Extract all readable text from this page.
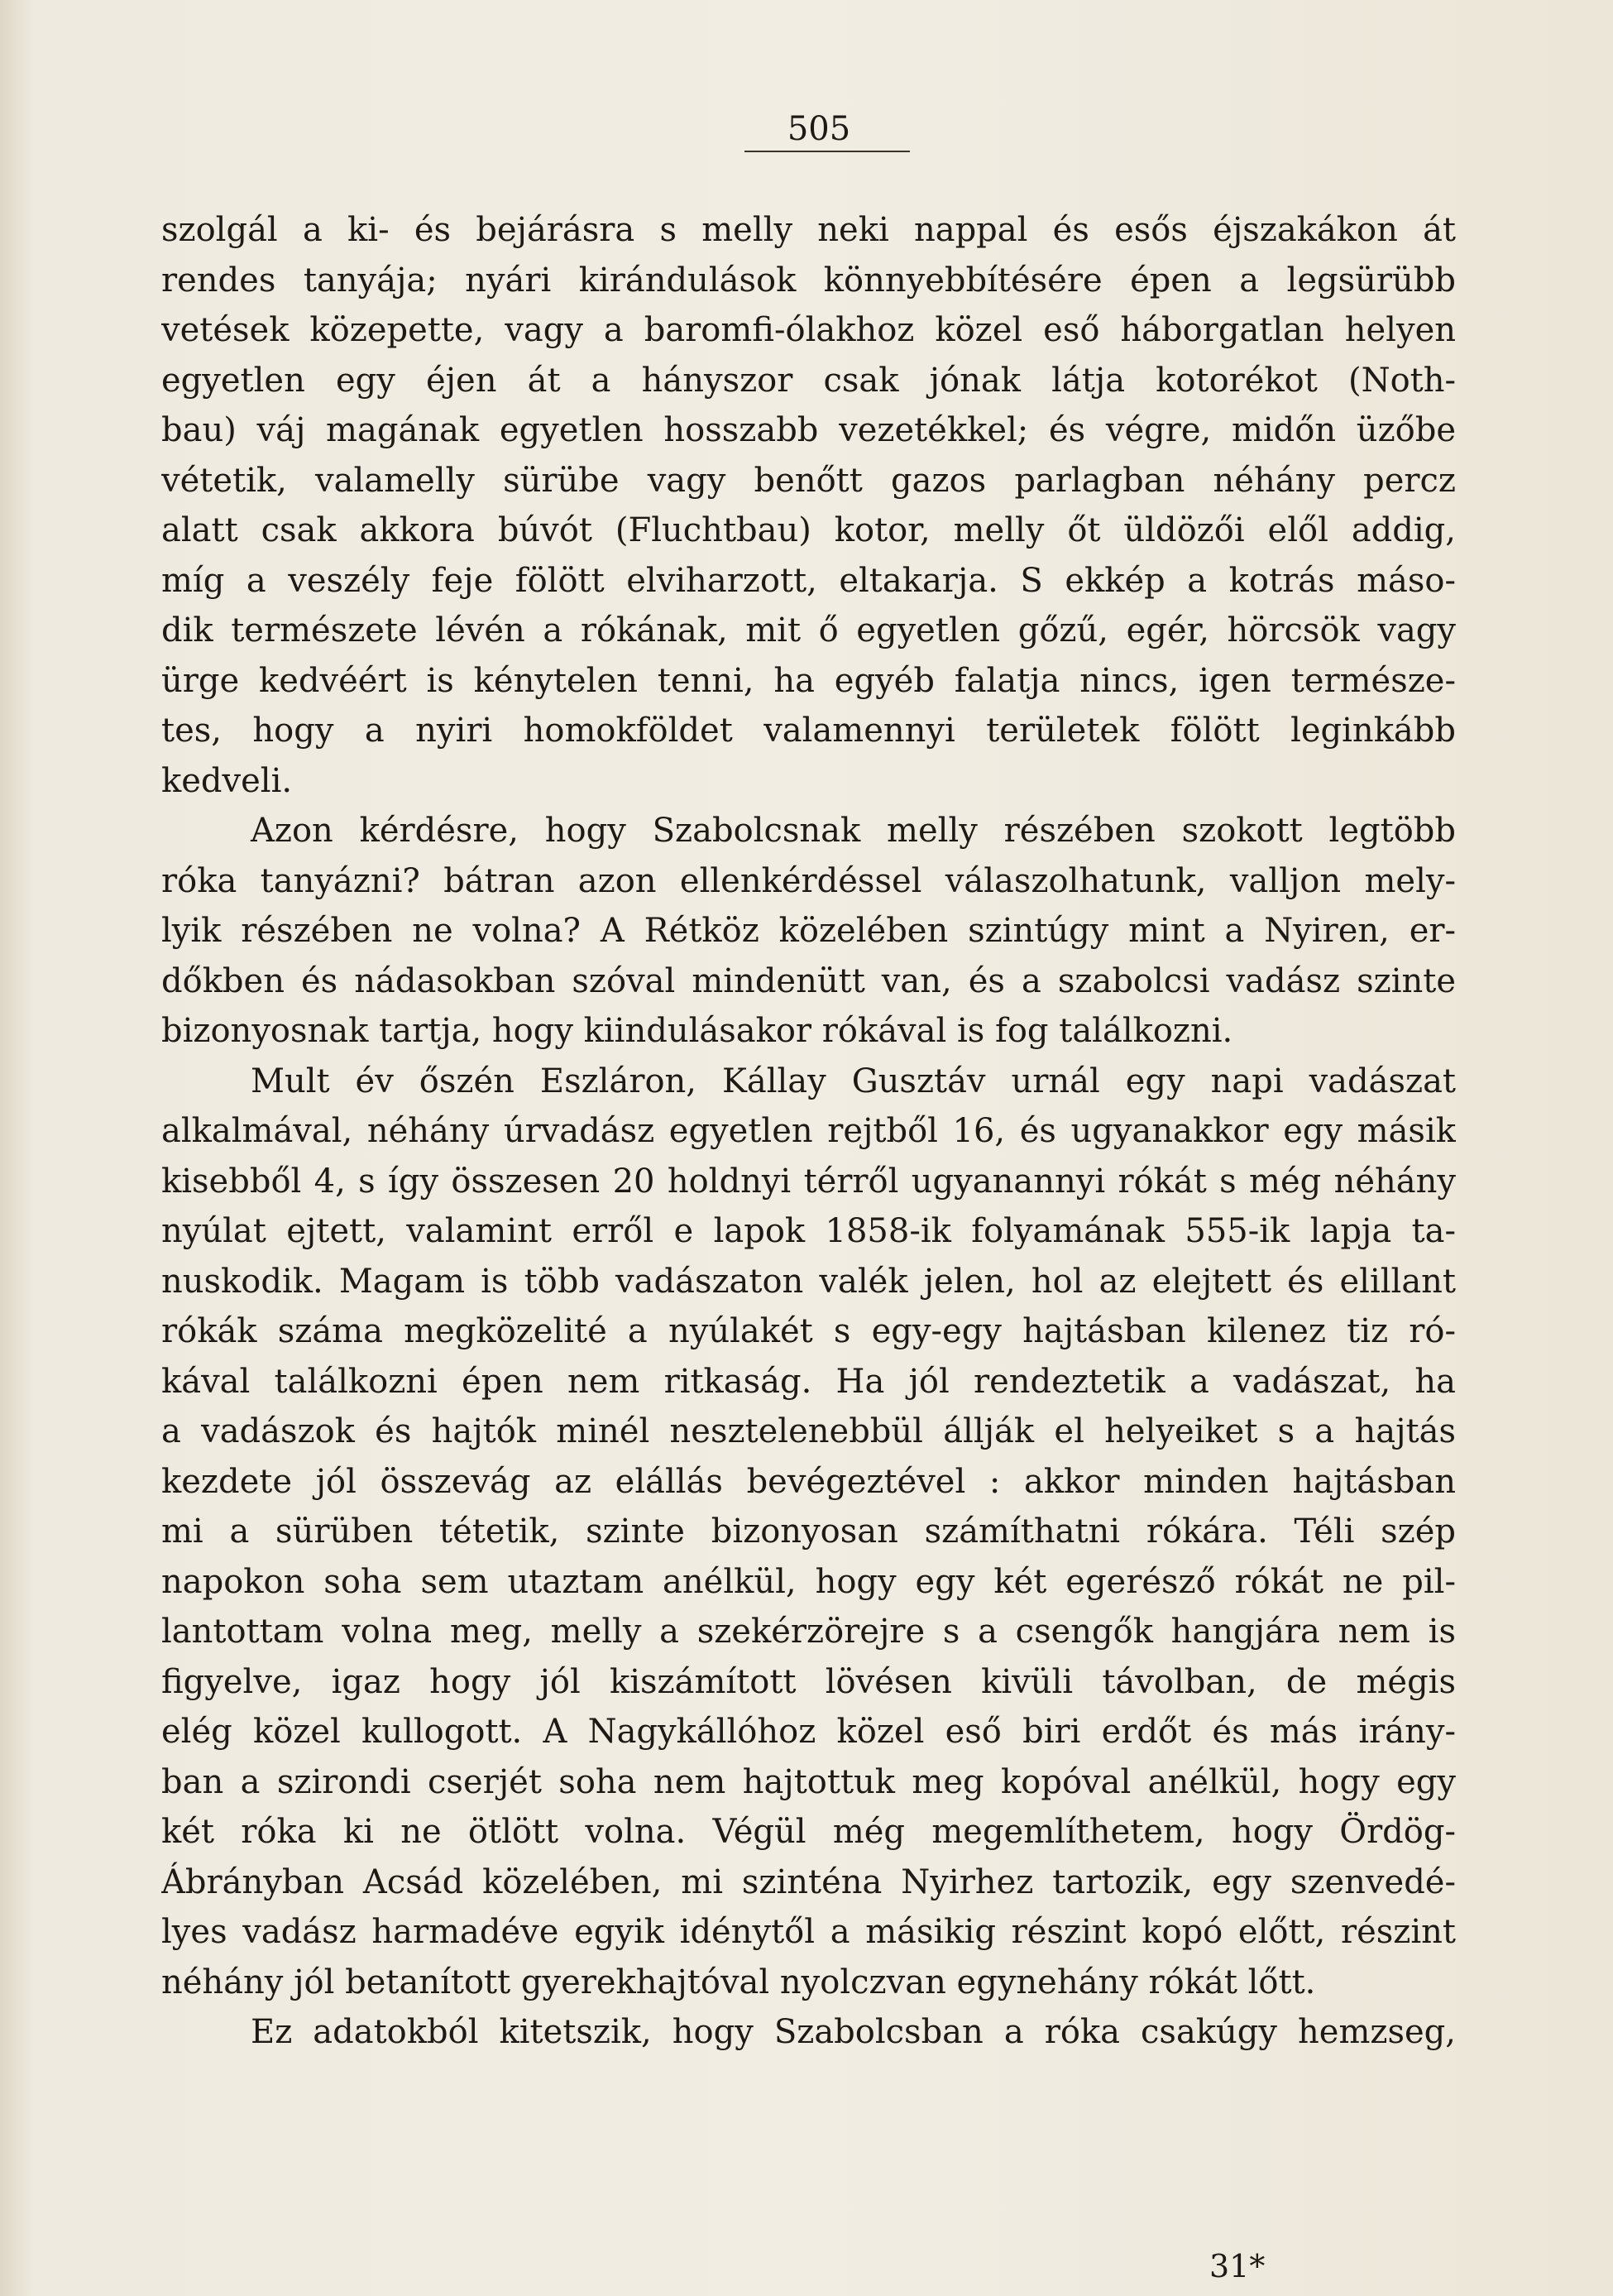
505
szolgál a ki- és bejárásra s melly neki nappal és esős éjszakákon át
rendes tanyája; nyári kirándulások könnyebbítésére épen a legsürübb
vetések közepette, vagy a baromfi-ólakhoz közel eső háborgatlan helyen
egyetlen egy éjen át a hányszor csak jónak látja kotorékot (Noth-
bau) váj magának egyetlen hosszabb vezetékkel; és végre, midőn üzőbe
vétetik, valamelly sürübe vagy benőtt gazos parlagban néhány percz
alatt csak akkora búvót (Fluchtbau) kotor, melly őt üldözői elől addig,
míg a veszély feje fölött elviharzott, eltakarja. S ekkép a kotrás máso-
dik természete lévén a rókának, mit ő egyetlen gőzű, egér, hörcsök vagy
ürge kedvéért is kénytelen tenni, ha egyéb falatja nincs, igen természe-
tes, hogy a nyiri homokföldet valamennyi területek fölött leginkább
kedveli.
Azon kérdésre, hogy Szabolcsnak melly részében szokott legtöbb
róka tanyázni? bátran azon ellenkérdéssel válaszolhatunk, valljon mely-
lyik részében ne volna? A Rétköz közelében szintúgy mint a Nyiren, er-
dőkben és nádasokban szóval mindenütt van, és a szabolcsi vadász szinte
bizonyosnak tartja, hogy kiindulásakor rókával is fog találkozni.
Mult év őszén Eszláron, Kállay Gusztáv urnál egy napi vadászat
alkalmával, néhány úrvadász egyetlen rejtből 16, és ugyanakkor egy másik
kisebből 4, s így összesen 20 holdnyi térről ugyanannyi rókát s még néhány
nyúlat ejtett, valamint erről e lapok 1858-ik folyamának 555-ik lapja ta-
nuskodik. Magam is több vadászaton valék jelen, hol az elejtett és elillant
rókák száma megközelité a nyúlakét s egy-egy hajtásban kilenez tiz ró-
kával találkozni épen nem ritkaság. Ha jól rendeztetik a vadászat, ha
a vadászok és hajtók minél nesztelenebbül állják el helyeiket s a hajtás
kezdete jól összevág az elállás bevégeztével : akkor minden hajtásban
mi a sürüben tétetik, szinte bizonyosan számíthatni rókára. Téli szép
napokon soha sem utaztam anélkül, hogy egy két egerésző rókát ne pil-
lantottam volna meg, melly a szekérzörejre s a csengők hangjára nem is
figyelve, igaz hogy jól kiszámított lövésen kivüli távolban, de mégis
elég közel kullogott. A Nagykállóhoz közel eső biri erdőt és más irány-
ban a szirondi cserjét soha nem hajtottuk meg kopóval anélkül, hogy egy
két róka ki ne ötlött volna. Végül még megemlíthetem, hogy Ördög-
Ábrányban Acsád közelében, mi szinténa Nyirhez tartozik, egy szenvedé-
lyes vadász harmadéve egyik idénytől a másikig részint kopó előtt, részint
néhány jól betanított gyerekhajtóval nyolczvan egynehány rókát lőtt.
Ez adatokból kitetszik, hogy Szabolcsban a róka csakúgy hemzseg,
31*
